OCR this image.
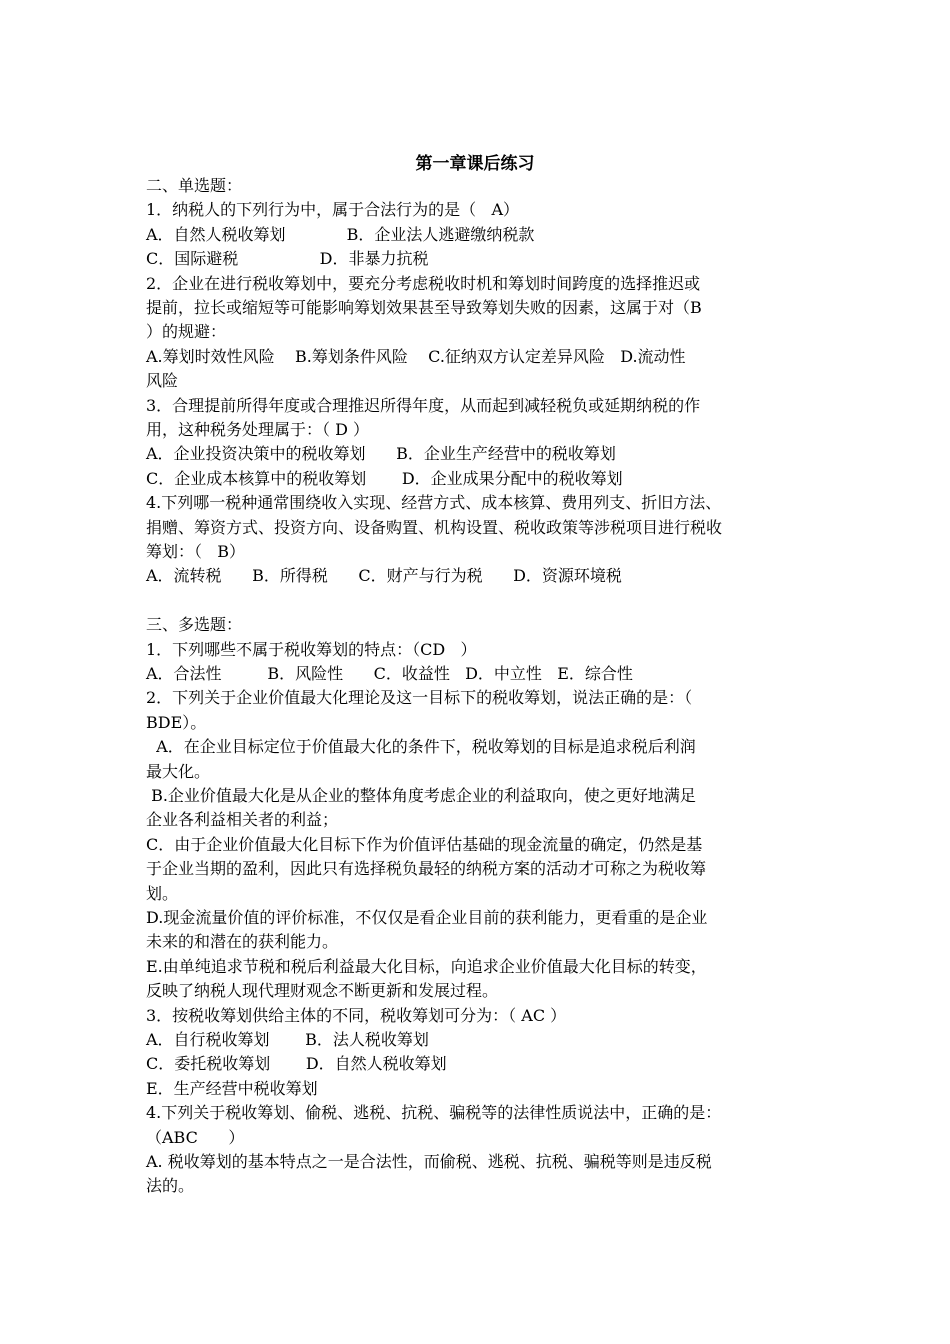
第一章课后练习
二、单选题：
1．纳税人的下列行为中，属于合法行为的是（   A）
A．自然人税收筹划            B．企业法人逃避缴纳税款
C．国际避税                D．非暴力抗税
2．企业在进行税收筹划中，要充分考虑税收时机和筹划时间跨度的选择推迟或
提前，拉长或缩短等可能影响筹划效果甚至导致筹划失败的因素，这属于对（B
）的规避：
A.筹划时效性风险    B.筹划条件风险    C.征纳双方认定差异风险   D.流动性
风险
3．合理提前所得年度或合理推迟所得年度，从而起到减轻税负或延期纳税的作
用，这种税务处理属于：（ D ）
A．企业投资决策中的税收筹划      B．企业生产经营中的税收筹划
C．企业成本核算中的税收筹划       D．企业成果分配中的税收筹划
4.下列哪一税种通常围绕收入实现、经营方式、成本核算、费用列支、折旧方法、
捐赠、筹资方式、投资方向、设备购置、机构设置、税收政策等涉税项目进行税收
筹划：（   B）
A．流转税      B．所得税      C．财产与行为税      D．资源环境税
三、多选题：
1．下列哪些不属于税收筹划的特点：（CD   ）
A．合法性         B．风险性      C．收益性   D．中立性   E．综合性
2．下列关于企业价值最大化理论及这一目标下的税收筹划，说法正确的是：（
BDE）。
A．在企业目标定位于价值最大化的条件下，税收筹划的目标是追求税后利润
最大化。
B.企业价值最大化是从企业的整体角度考虑企业的利益取向，使之更好地满足
企业各利益相关者的利益；
C．由于企业价值最大化目标下作为价值评估基础的现金流量的确定，仍然是基
于企业当期的盈利，因此只有选择税负最轻的纳税方案的活动才可称之为税收筹
划。
D.现金流量价值的评价标准，不仅仅是看企业目前的获利能力，更看重的是企业
未来的和潜在的获利能力。
E.由单纯追求节税和税后利益最大化目标，向追求企业价值最大化目标的转变，
反映了纳税人现代理财观念不断更新和发展过程。
3．按税收筹划供给主体的不同，税收筹划可分为：（ AC ）
A．自行税收筹划       B．法人税收筹划
C．委托税收筹划       D．自然人税收筹划
E．生产经营中税收筹划
4.下列关于税收筹划、偷税、逃税、抗税、骗税等的法律性质说法中，正确的是：
（ABC      ）
A. 税收筹划的基本特点之一是合法性，而偷税、逃税、抗税、骗税等则是违反税
法的。
